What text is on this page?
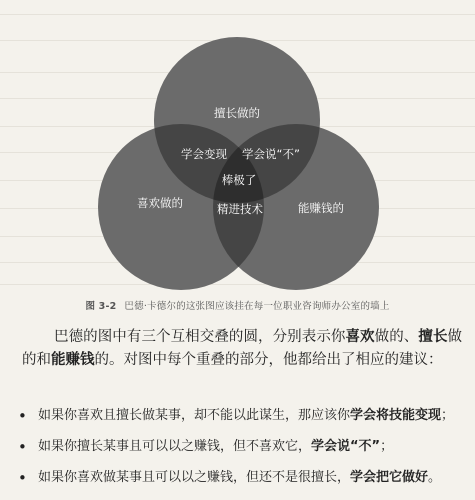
擅长做的
喜欢做的	能赚钱的
学会变现 学会说“不”
棒极了
精进技术
图 3-2 巴德·卡德尔的这张图应该挂在每一位职业咨询师办公室的墙上
巴德的图中有三个互相交叠的圆，分别表示你喜欢做的、擅长做的和能赚钱的。对图中每个重叠的部分，他都给出了相应的建议：
• 如果你喜欢且擅长做某事，却不能以此谋生，那应该你学会将技能变现；
• 如果你擅长某事且可以以之赚钱，但不喜欢它，学会说“不”；
• 如果你喜欢做某事且可以以之赚钱，但还不是很擅长，学会把它做好。
